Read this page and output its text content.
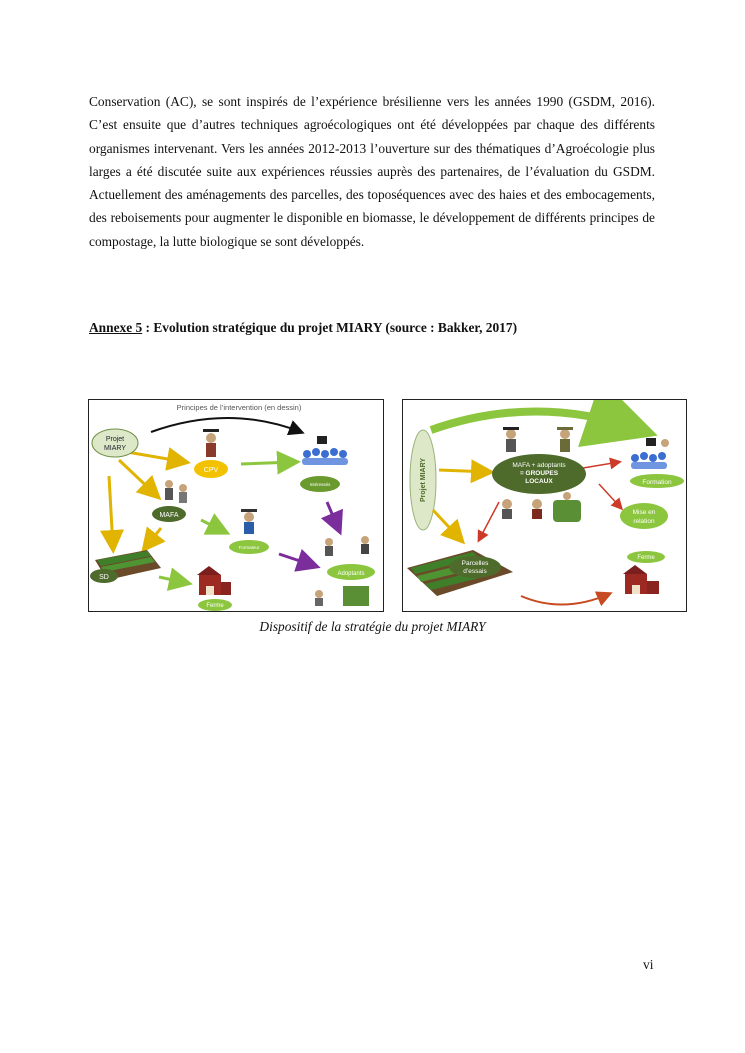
Conservation (AC), se sont inspirés de l’expérience brésilienne vers les années 1990 (GSDM, 2016). C’est ensuite que d’autres techniques agroécologiques ont été développées par chaque des différents organismes intervenant. Vers les années 2012-2013 l’ouverture sur des thématiques d’Agroécologie plus larges a été discutée suite aux expériences réussies auprès des partenaires, de l’évaluation du GSDM. Actuellement des aménagements des parcelles, des toposéquences avec des haies et des embocagements, des reboisements pour augmenter le disponible en biomasse, le développement de différents principes de compostage, la lutte biologique se sont développés.

Annexe 5 : Evolution stratégique du projet MIARY (source : Bakker, 2017)

Principes de l’intervention (en dessin)
Projet
MIARY
CPV
Intéressés
MAFA
Formateur
SD
Ferme
Adoptants
Projet MIARY	MAFA + adoptants
= GROUPES
LOCAUX	Formation
Mise en
relation
Ferme
Parcelles
d’essais

Dispositif de la stratégie du projet MIARY

vi
